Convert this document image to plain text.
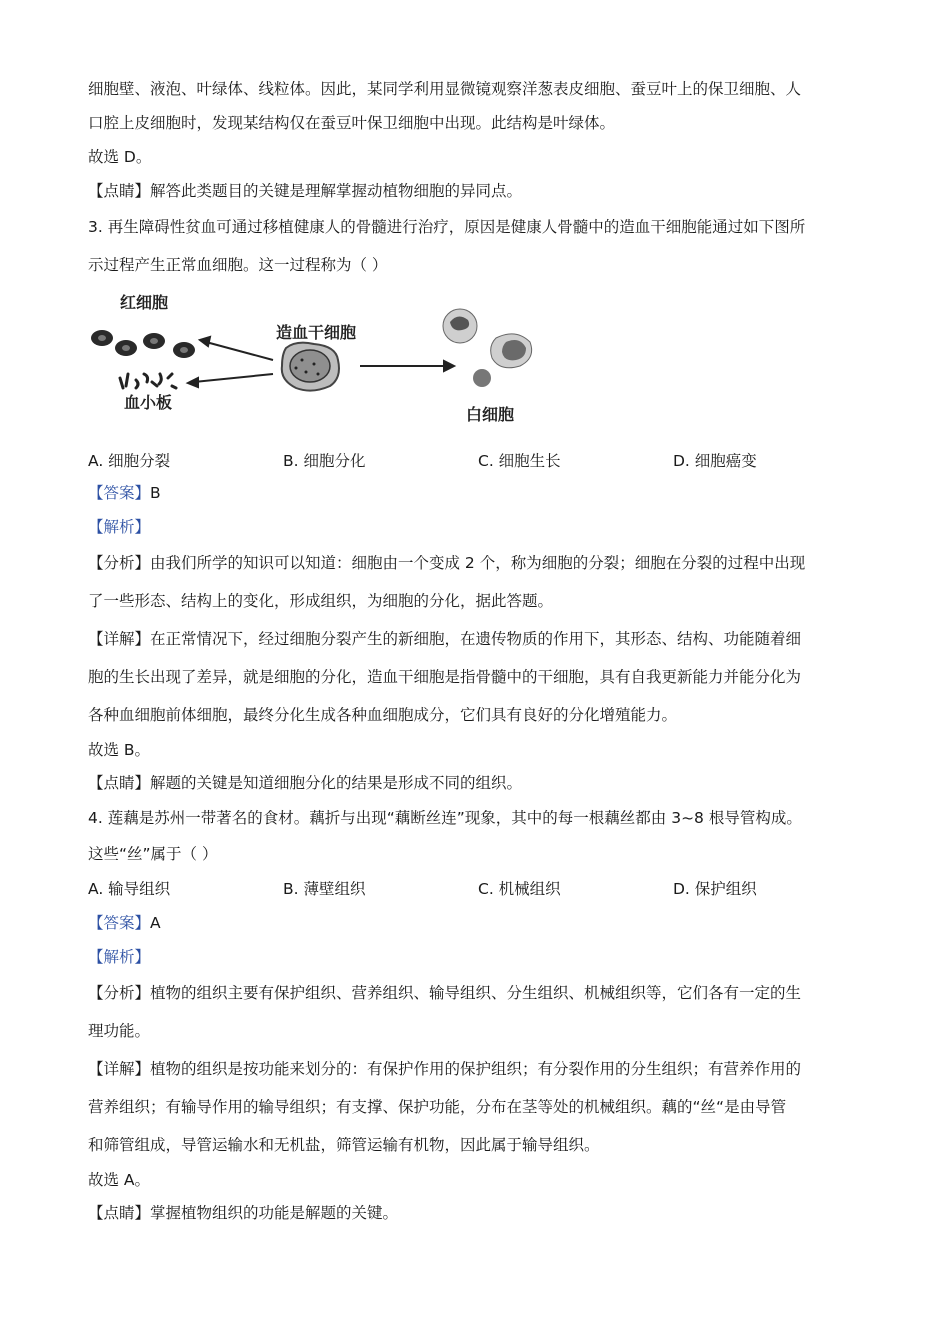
细胞壁、液泡、叶绿体、线粒体。因此，某同学利用显微镜观察洋葱表皮细胞、蚕豆叶上的保卫细胞、人

口腔上皮细胞时，发现某结构仅在蚕豆叶保卫细胞中出现。此结构是叶绿体。

故选 D。

【点睛】解答此类题目的关键是理解掌握动植物细胞的异同点。

3. 再生障碍性贫血可通过移植健康人的骨髓进行治疗，原因是健康人骨髓中的造血干细胞能通过如下图所

示过程产生正常血细胞。这一过程称为（ ）

红细胞
血小板
造血干细胞
白细胞
A. 细胞分裂	B. 细胞分化	C. 细胞生长	D. 细胞癌变

【答案】B

【解析】

【分析】由我们所学的知识可以知道：细胞由一个变成 2 个，称为细胞的分裂；细胞在分裂的过程中出现

了一些形态、结构上的变化，形成组织，为细胞的分化，据此答题。

【详解】在正常情况下，经过细胞分裂产生的新细胞，在遗传物质的作用下，其形态、结构、功能随着细

胞的生长出现了差异，就是细胞的分化，造血干细胞是指骨髓中的干细胞，具有自我更新能力并能分化为

各种血细胞前体细胞，最终分化生成各种血细胞成分，它们具有良好的分化增殖能力。

故选 B。

【点睛】解题的关键是知道细胞分化的结果是形成不同的组织。

4. 莲藕是苏州一带著名的食材。藕折与出现“藕断丝连”现象，其中的每一根藕丝都由 3~8 根导管构成。

这些“丝”属于（ ）

A. 输导组织	B. 薄壁组织	C. 机械组织	D. 保护组织

【答案】A

【解析】

【分析】植物的组织主要有保护组织、营养组织、输导组织、分生组织、机械组织等，它们各有一定的生

理功能。

【详解】植物的组织是按功能来划分的：有保护作用的保护组织；有分裂作用的分生组织；有营养作用的

营养组织；有输导作用的输导组织；有支撑、保护功能，分布在茎等处的机械组织。藕的“丝“是由导管

和筛管组成，导管运输水和无机盐，筛管运输有机物，因此属于输导组织。

故选 A。

【点睛】掌握植物组织的功能是解题的关键。
